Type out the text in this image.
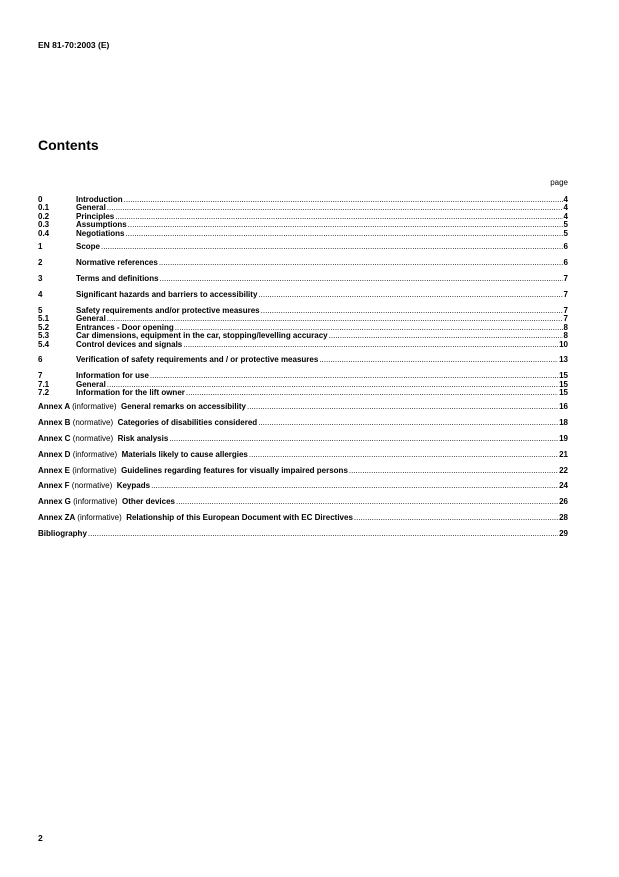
EN 81-70:2003 (E)
Contents
page
0	Introduction .....	4
0.1	General .....	4
0.2	Principles .....	4
0.3	Assumptions .....	5
0.4	Negotiations .....	5
1	Scope .....	6
2	Normative references .....	6
3	Terms and definitions .....	7
4	Significant hazards and barriers to accessibility .....	7
5	Safety requirements and/or protective measures .....	7
5.1	General .....	7
5.2	Entrances - Door opening .....	8
5.3	Car dimensions, equipment in the car, stopping/levelling accuracy .....	8
5.4	Control devices and signals .....	10
6	Verification of safety requirements and / or protective measures .....	13
7	Information for use .....	15
7.1	General .....	15
7.2	Information for the lift owner .....	15
Annex A (informative) General remarks on accessibility .....	16
Annex B (normative) Categories of disabilities considered .....	18
Annex C (normative) Risk analysis .....	19
Annex D (informative) Materials likely to cause allergies .....	21
Annex E (informative) Guidelines regarding features for visually impaired persons .....	22
Annex F (normative) Keypads .....	24
Annex G (informative) Other devices .....	26
Annex ZA (informative) Relationship of this European Document with EC Directives .....	28
Bibliography .....	29
2
